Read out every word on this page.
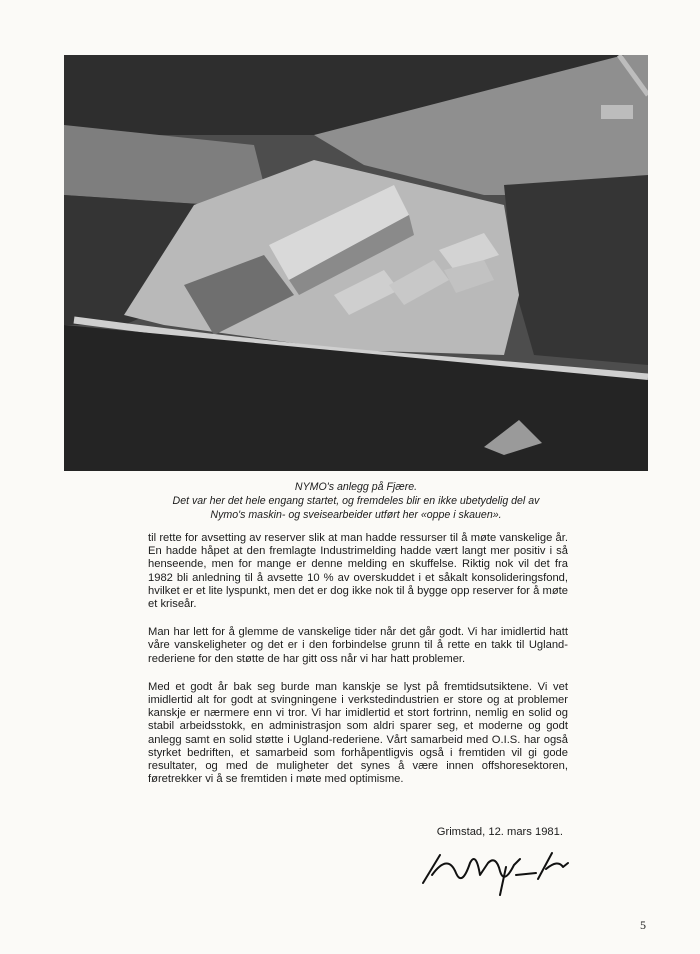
NYMO's anlegg på Fjære.
Det var her det hele engang startet, og fremdeles blir en ikke ubetydelig del av
Nymo's maskin- og sveisearbeider utført her «oppe i skauen».

til rette for avsetting av reserver slik at man hadde ressurser til å møte vanskelige år. En hadde håpet at den fremlagte Industrimelding hadde vært langt mer positiv i så henseende, men for mange er denne melding en skuffelse. Riktig nok vil det fra 1982 bli anledning til å avsette 10 % av overskuddet i et såkalt konsolideringsfond, hvilket er et lite lyspunkt, men det er dog ikke nok til å bygge opp reserver for å møte et kriseår.

Man har lett for å glemme de vanskelige tider når det går godt. Vi har imidlertid hatt våre vanskeligheter og det er i den forbindelse grunn til å rette en takk til Ugland-rederiene for den støtte de har gitt oss når vi har hatt problemer.

Med et godt år bak seg burde man kanskje se lyst på fremtidsutsiktene. Vi vet imidlertid alt for godt at svingningene i verkstedindustrien er store og at problemer kanskje er nærmere enn vi tror. Vi har imidlertid et stort fortrinn, nemlig en solid og stabil arbeidsstokk, en administrasjon som aldri sparer seg, et moderne og godt anlegg samt en solid støtte i Ugland-rederiene. Vårt samarbeid med O.I.S. har også styrket bedriften, et samarbeid som forhåpentligvis også i fremtiden vil gi gode resultater, og med de muligheter det synes å være innen offshoresektoren, føretrekker vi å se fremtiden i møte med optimisme.

Grimstad, 12. mars 1981.
5
